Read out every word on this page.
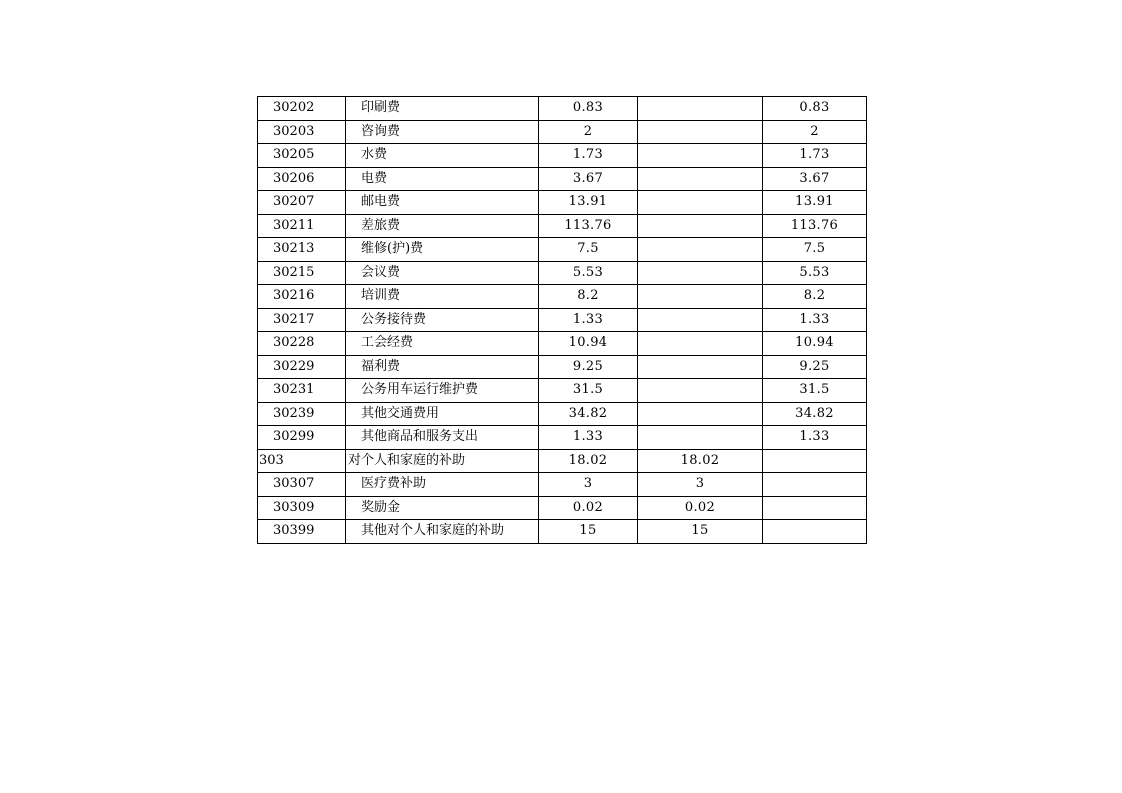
30202	印刷费	0.83		0.83
30203	咨询费	2		2
30205	水费	1.73		1.73
30206	电费	3.67		3.67
30207	邮电费	13.91		13.91
30211	差旅费	113.76		113.76
30213	维修(护)费	7.5		7.5
30215	会议费	5.53		5.53
30216	培训费	8.2		8.2
30217	公务接待费	1.33		1.33
30228	工会经费	10.94		10.94
30229	福利费	9.25		9.25
30231	公务用车运行维护费	31.5		31.5
30239	其他交通费用	34.82		34.82
30299	其他商品和服务支出	1.33		1.33
303	对个人和家庭的补助	18.02	18.02	
30307	医疗费补助	3	3	
30309	奖励金	0.02	0.02	
30399	其他对个人和家庭的补助	15	15	
